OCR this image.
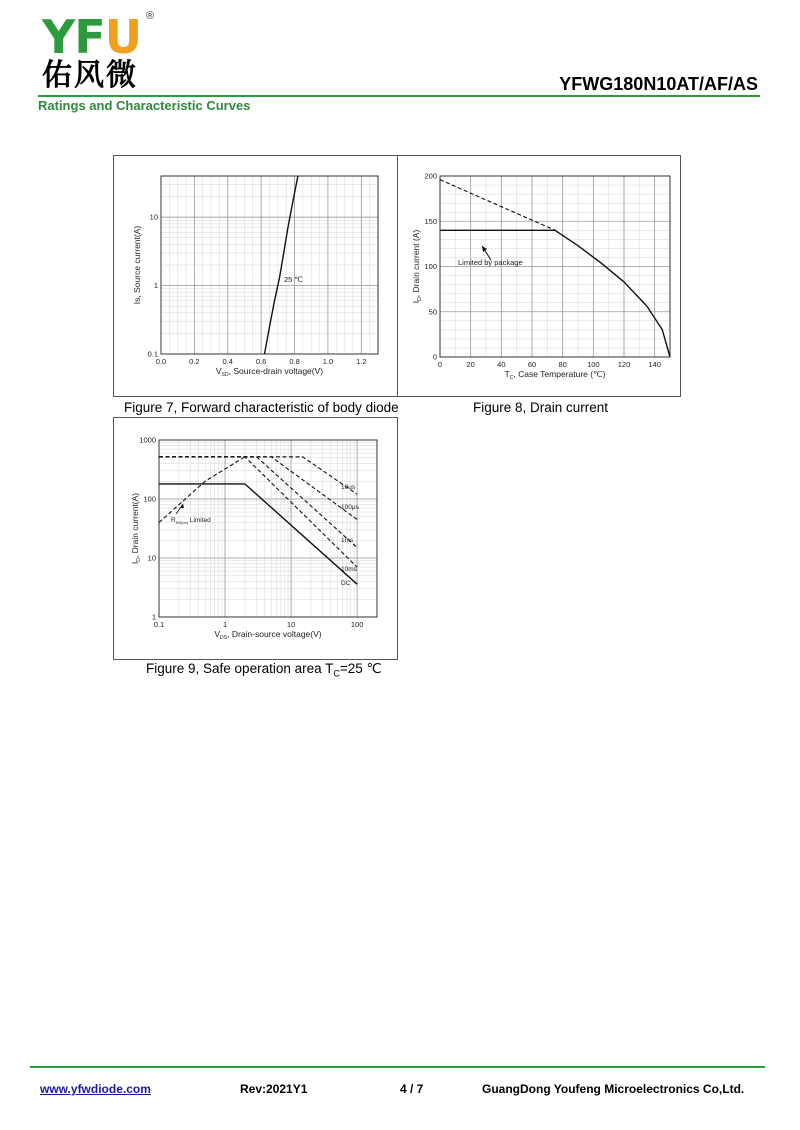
YFU ®
佑风微	YFWG180N10AT/AF/AS
Ratings and Characteristic Curves
0.0	0.2	0.4	0.6	0.8	1.0	1.2
0.1
1
10
$V_{SD}$, Source-drain voltage(V)
Is, Source current(A)	25 ℃
Figure 7, Forward characteristic of body diode
0	20	40	60	80	100 120 140
0
50
100
150
200
$T_C$, Case Temperature (℃)
$I_D$, Drain current (A)	Limited by package
Figure 8, Drain current
0.1	1	10	100
1
10
100
1000
10us
100μs
1ms
10ms
DC
$V_{DS}$, Drain-source voltage(V)
$I_D$, Drain current(A)	$R_{DS(on)}$ Limited
Figure 9, Safe operation area $T_C=25$ ℃
www.yfwdiode.com	Rev:2021Y1	4 / 7	GuangDong Youfeng Microelectronics Co,Ltd.
